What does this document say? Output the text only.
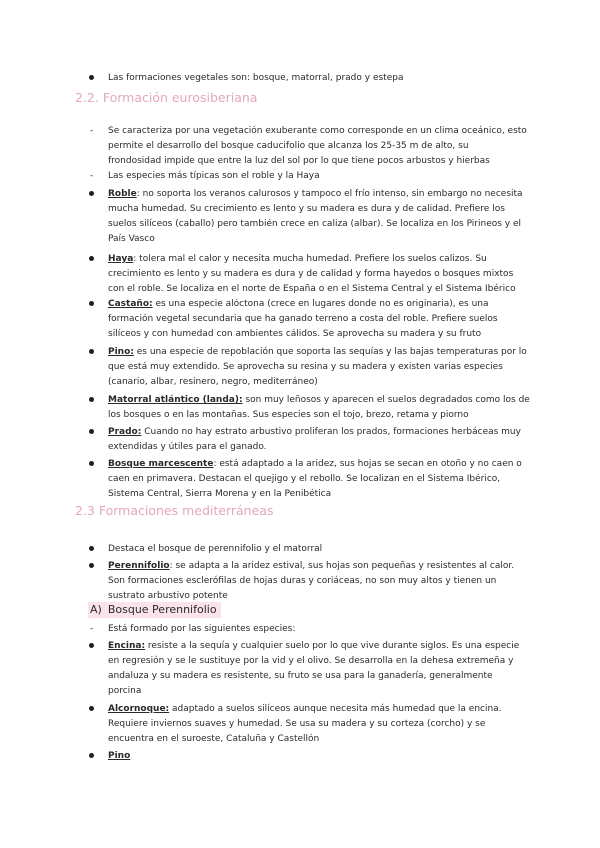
Las formaciones vegetales son: bosque, matorral, prado y estepa
2.2. Formación eurosiberiana
- Se caracteriza por una vegetación exuberante como corresponde en un clima oceánico, esto
permite el desarrollo del bosque caducifolio que alcanza los 25-35 m de alto, su
frondosidad impide que entre la luz del sol por lo que tiene pocos arbustos y hierbas
- Las especies más típicas son el roble y la Haya
Roble: no soporta los veranos calurosos y tampoco el frío intenso, sin embargo no necesita
mucha humedad. Su crecimiento es lento y su madera es dura y de calidad. Prefiere los
suelos silíceos (caballo) pero también crece en caliza (albar). Se localiza en los Pirineos y el
País Vasco
Haya: tolera mal el calor y necesita mucha humedad. Prefiere los suelos calizos. Su
crecimiento es lento y su madera es dura y de calidad y forma hayedos o bosques mixtos
con el roble. Se localiza en el norte de España o en el Sistema Central y el Sistema Ibérico
Castaño: es una especie alóctona (crece en lugares donde no es originaria), es una
formación vegetal secundaria que ha ganado terreno a costa del roble. Prefiere suelos
silíceos y con humedad con ambientes cálidos. Se aprovecha su madera y su fruto
Pino: es una especie de repoblación que soporta las sequías y las bajas temperaturas por lo
que está muy extendido. Se aprovecha su resina y su madera y existen varias especies
(canario, albar, resinero, negro, mediterráneo)
Matorral atlántico (landa): son muy leñosos y aparecen el suelos degradados como los de
los bosques o en las montañas. Sus especies son el tojo, brezo, retama y piorno
Prado: Cuando no hay estrato arbustivo proliferan los prados, formaciones herbáceas muy
extendidas y útiles para el ganado.
Bosque marcescente: está adaptado a la aridez, sus hojas se secan en otoño y no caen o
caen en primavera. Destacan el quejigo y el rebollo. Se localizan en el Sistema Ibérico,
Sistema Central, Sierra Morena y en la Penibética
2.3 Formaciones mediterráneas
Destaca el bosque de perennifolio y el matorral
Perennifolio: se adapta a la aridez estival, sus hojas son pequeñas y resistentes al calor.
Son formaciones esclerófilas de hojas duras y coriáceas, no son muy altos y tienen un
sustrato arbustivo potente
A) Bosque Perennifolio
- Está formado por las siguientes especies:
Encina: resiste a la sequía y cualquier suelo por lo que vive durante siglos. Es una especie
en regresión y se le sustituye por la vid y el olivo. Se desarrolla en la dehesa extremeña y
andaluza y su madera es resistente, su fruto se usa para la ganadería, generalmente
porcina
Alcornoque: adaptado a suelos silíceos aunque necesita más humedad que la encina.
Requiere inviernos suaves y humedad. Se usa su madera y su corteza (corcho) y se
encuentra en el suroeste, Cataluña y Castellón
Pino
